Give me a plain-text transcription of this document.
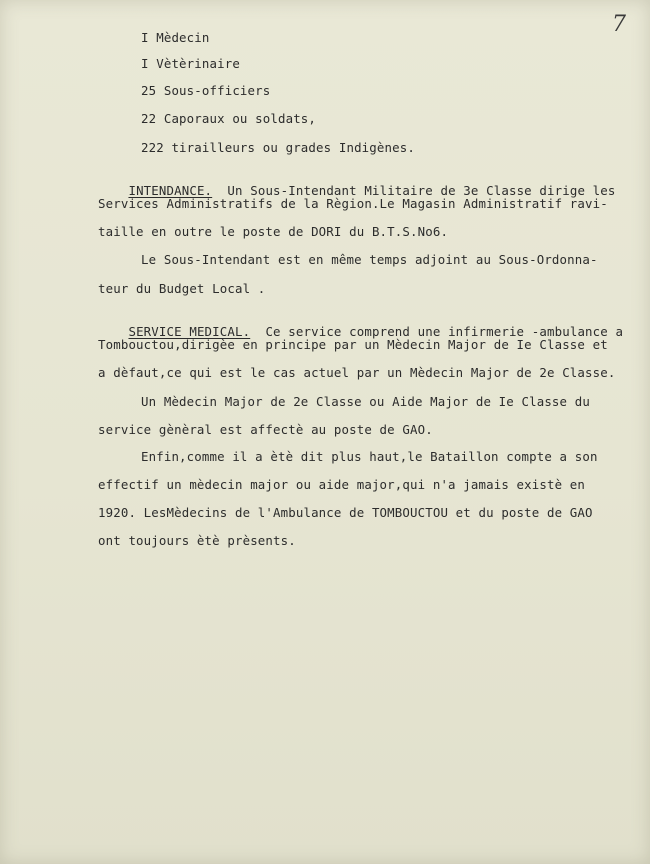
7
I Mèdecin
I Vètèrinaire
25 Sous-officiers
22 Caporaux ou soldats,
222 tirailleurs ou grades Indigènes.

INTENDANCE.  Un Sous-Intendant Militaire de 3e Classe dirige les

Services Administratifs de la Règion.Le Magasin Administratif ravi-
taille en outre le poste de DORI du B.T.S.No6.
Le Sous-Intendant est en même temps adjoint au Sous-Ordonna-
teur du Budget Local .

SERVICE MEDICAL.  Ce service comprend une infirmerie -ambulance a

Tombouctou,dirigèe en principe par un Mèdecin Major de Ie Classe et
a dèfaut,ce qui est le cas actuel par un Mèdecin Major de 2e Classe.
Un Mèdecin Major de 2e Classe ou Aide Major de Ie Classe du
service gènèral est affectè au poste de GAO.
Enfin,comme il a ètè dit plus haut,le Bataillon compte a son
effectif un mèdecin major ou aide major,qui n'a jamais existè en
1920. LesMèdecins de l'Ambulance de TOMBOUCTOU et du poste de GAO
ont toujours ètè prèsents.
